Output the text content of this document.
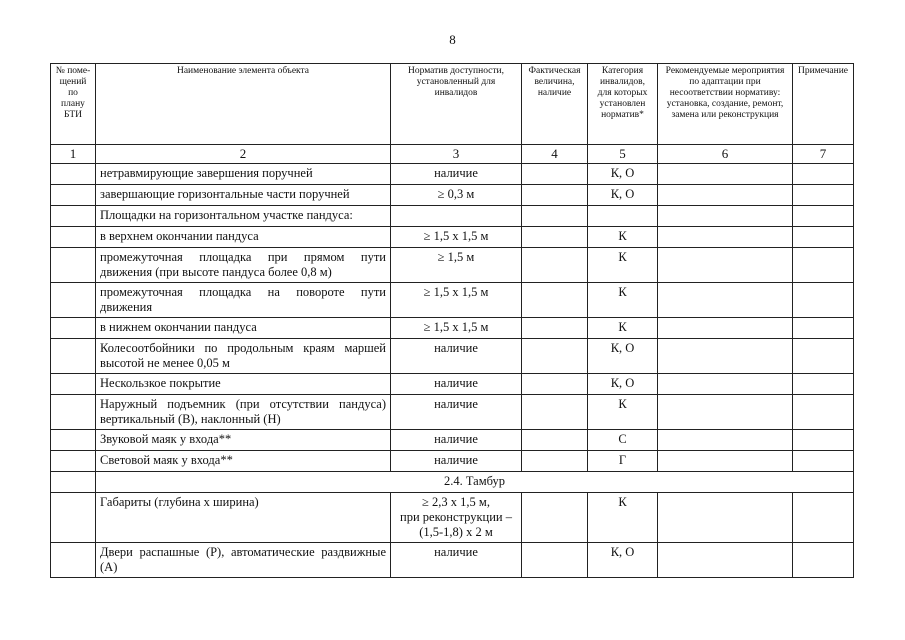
8
№ поме-щений по плану БТИ	Наименование элемента объекта	Норматив доступности, установленный для инвалидов	Фактическая величина, наличие	Категория инвалидов, для которых установлен норматив*	Рекомендуемые мероприятия по адаптации при несоответствии нормативу: установка, создание, ремонт, замена или реконструкция	Примечание
1	2	3	4	5	6	7
	нетравмирующие завершения поручней	наличие		К, О		
	завершающие горизонтальные части поручней	≥ 0,3 м		К, О		
	Площадки на горизонтальном участке пандуса:					
	в верхнем окончании пандуса	≥ 1,5 х 1,5 м		К		
	промежуточная площадка при прямом пути движения (при высоте пандуса более 0,8 м)	≥ 1,5 м		К		
	промежуточная площадка на повороте пути движения	≥ 1,5 х 1,5 м		К		
	в нижнем окончании пандуса	≥ 1,5 х 1,5 м		К		
	Колесоотбойники по продольным краям маршей высотой не менее 0,05 м	наличие		К, О		
	Нескользкое покрытие	наличие		К, О		
	Наружный подъемник (при отсутствии пандуса) вертикальный (В), наклонный (Н)	наличие		К		
	Звуковой маяк у входа**	наличие		С		
	Световой маяк у входа**	наличие		Г		
	2.4. Тамбур					
	Габариты (глубина х ширина)	≥ 2,3 х 1,5 м,
при реконструкции –
(1,5-1,8) х 2 м		К		
	Двери распашные (Р), автоматические раздвижные (А)	наличие		К, О		
